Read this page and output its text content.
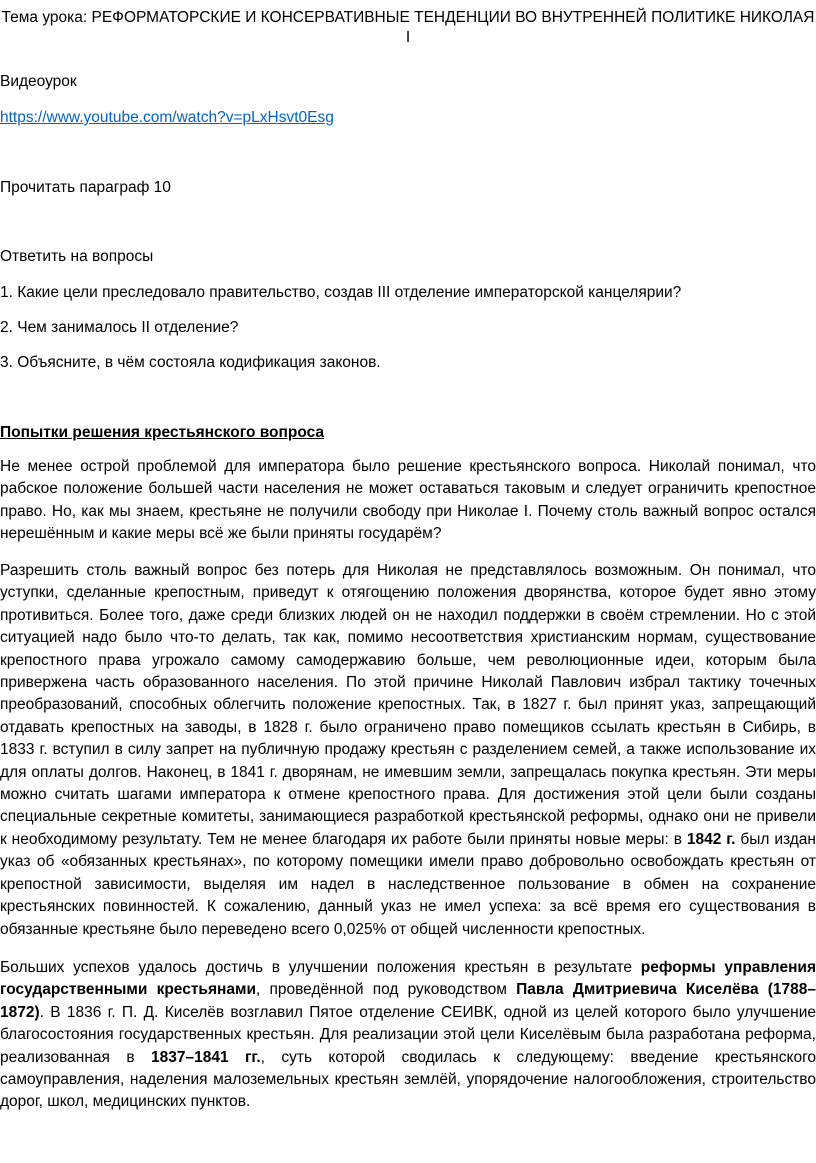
Тема урока: РЕФОРМАТОРСКИЕ И КОНСЕРВАТИВНЫЕ ТЕНДЕНЦИИ ВО ВНУТРЕННЕЙ ПОЛИТИКЕ НИКОЛАЯ I

Видеоурок

https://www.youtube.com/watch?v=pLxHsvt0Esg

Прочитать параграф 10

Ответить на вопросы

1. Какие цели преследовало правительство, создав III отделение императорской канцелярии?

2. Чем занималось II отделение?

3. Объясните, в чём состояла кодификация законов.

Попытки решения крестьянского вопроса

Не менее острой проблемой для императора было решение крестьянского вопроса. Николай понимал, что рабское положение большей части населения не может оставаться таковым и следует ограничить крепостное право. Но, как мы знаем, крестьяне не получили свободу при Николае I. Почему столь важный вопрос остался нерешённым и какие меры всё же были приняты государём?

Разрешить столь важный вопрос без потерь для Николая не представлялось возможным. Он понимал, что уступки, сделанные крепостным, приведут к отягощению положения дворянства, которое будет явно этому противиться. Более того, даже среди близких людей он не находил поддержки в своём стремлении. Но с этой ситуацией надо было что-то делать, так как, помимо несоответствия христианским нормам, существование крепостного права угрожало самому самодержавию больше, чем революционные идеи, которым была привержена часть образованного населения. По этой причине Николай Павлович избрал тактику точечных преобразований, способных облегчить положение крепостных. Так, в 1827 г. был принят указ, запрещающий отдавать крепостных на заводы, в 1828 г. было ограничено право помещиков ссылать крестьян в Сибирь, в 1833 г. вступил в силу запрет на публичную продажу крестьян с разделением семей, а также использование их для оплаты долгов. Наконец, в 1841 г. дворянам, не имевшим земли, запрещалась покупка крестьян. Эти меры можно считать шагами императора к отмене крепостного права. Для достижения этой цели были созданы специальные секретные комитеты, занимающиеся разработкой крестьянской реформы, однако они не привели к необходимому результату. Тем не менее благодаря их работе были приняты новые меры: в 1842 г. был издан указ об «обязанных крестьянах», по которому помещики имели право добровольно освобождать крестьян от крепостной зависимости, выделяя им надел в наследственное пользование в обмен на сохранение крестьянских повинностей. К сожалению, данный указ не имел успеха: за всё время его существования в обязанные крестьяне было переведено всего 0,025% от общей численности крепостных.

Больших успехов удалось достичь в улучшении положения крестьян в результате реформы управления государственными крестьянами, проведённой под руководством Павла Дмитриевича Киселёва (1788–1872). В 1836 г. П. Д. Киселёв возглавил Пятое отделение СЕИВК, одной из целей которого было улучшение благосостояния государственных крестьян. Для реализации этой цели Киселёвым была разработана реформа, реализованная в 1837–1841 гг., суть которой сводилась к следующему: введение крестьянского самоуправления, наделения малоземельных крестьян землёй, упорядочение налогообложения, строительство дорог, школ, медицинских пунктов.
